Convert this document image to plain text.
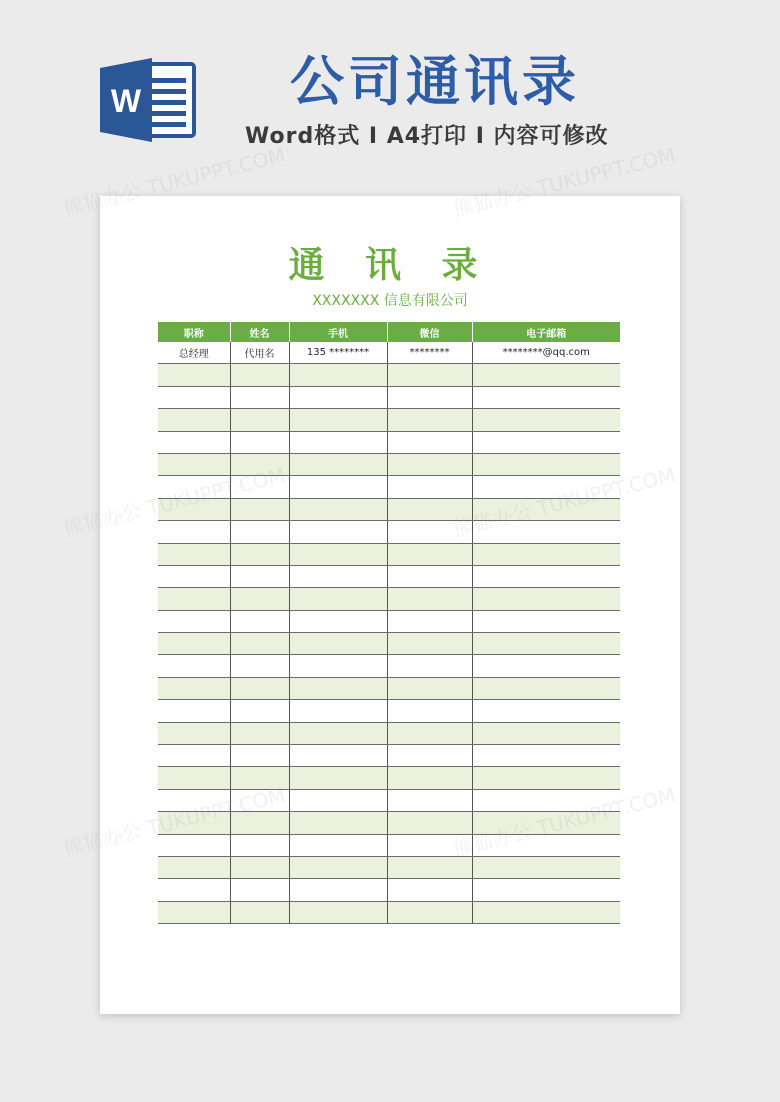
W	公司通讯录

Word格式 I A4打印 I 内容可修改

通 讯 录
XXXXXXX 信息有限公司
职称	姓名	手机	微信	电子邮箱
总经理	代用名	135 ********	********	********@qq.com

熊猫办公 TUKUPPT.COM	熊猫办公 TUKUPPT.COM
熊猫办公
熊猫办公
